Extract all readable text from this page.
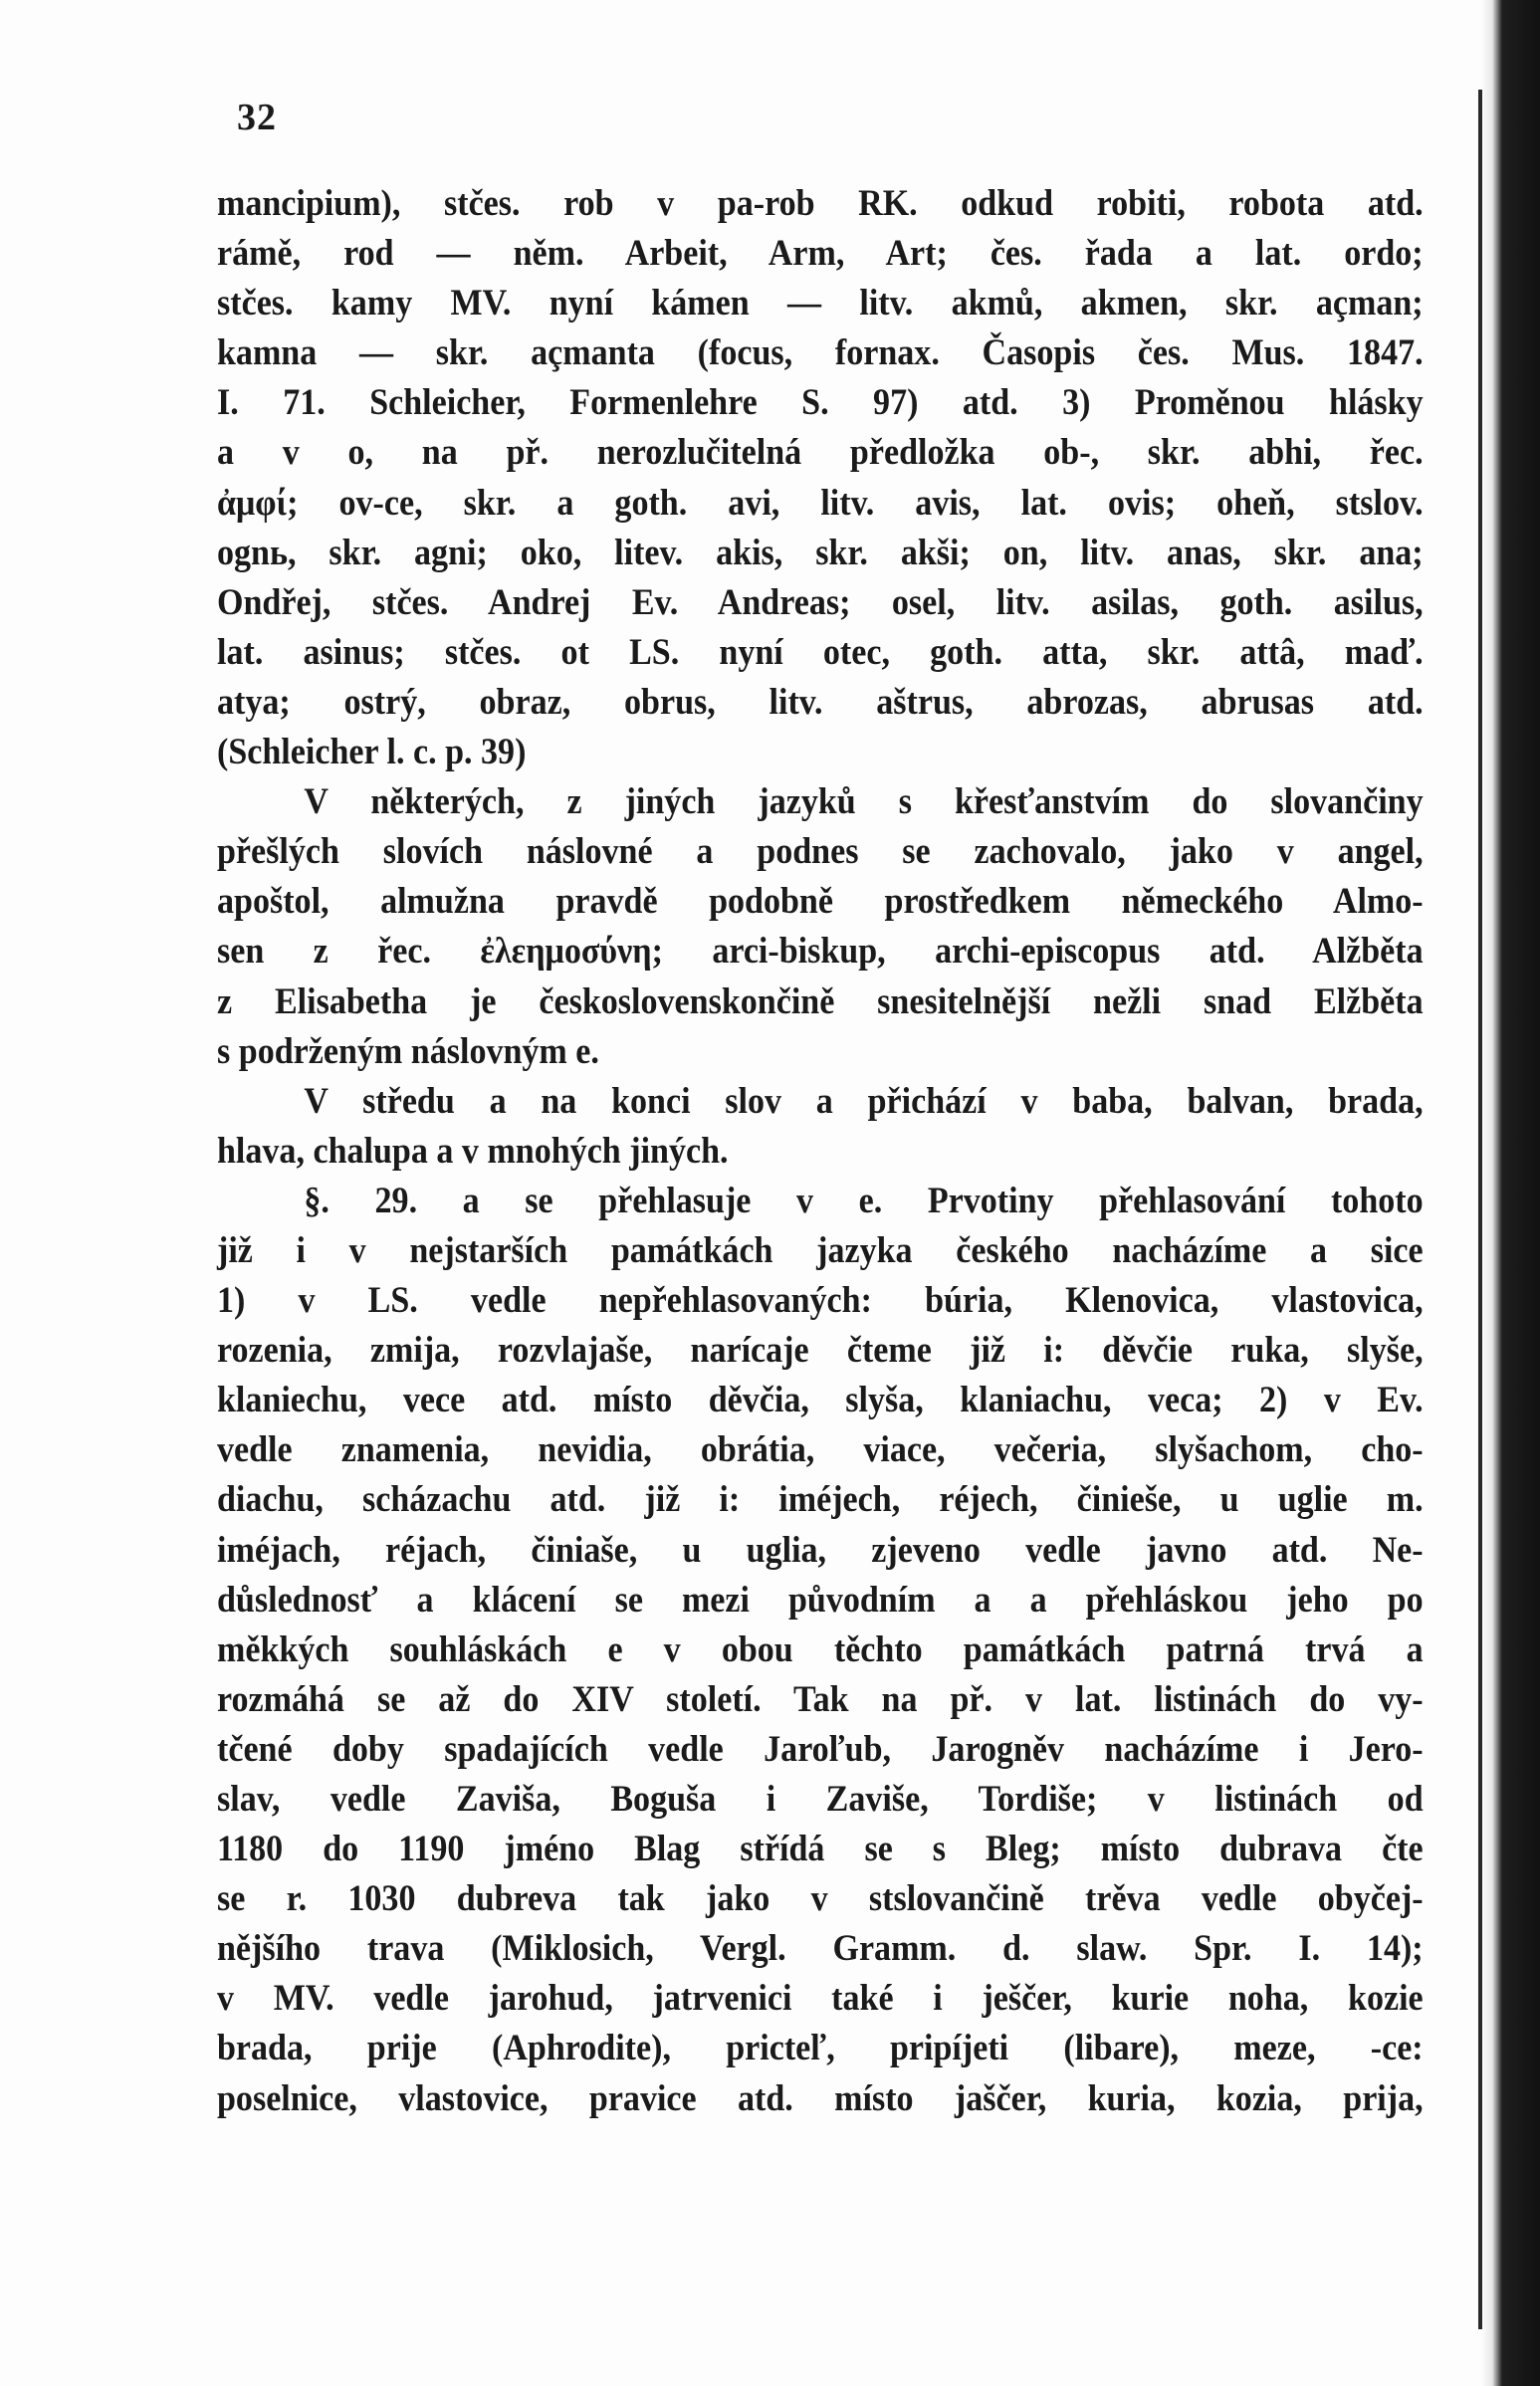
32
mancipium), stčes. rob v pa-rob RK. odkud robiti, robota atd.
rámě, rod — něm. Arbeit, Arm, Art; čes. řada a lat. ordo;
stčes. kamy MV. nyní kámen — litv. akmů, akmen, skr. açman;
kamna — skr. açmanta (focus, fornax. Časopis čes. Mus. 1847.
I. 71. Schleicher, Formenlehre S. 97) atd. 3) Proměnou hlásky
a v o, na př. nerozlučitelná předložka ob-, skr. abhi, řec.
ἀμφί; ov-ce, skr. a goth. avi, litv. avis, lat. ovis; oheň, stslov.
ognь, skr. agni; oko, litev. akis, skr. akši; on, litv. anas, skr. ana;
Ondřej, stčes. Andrej Ev. Andreas; osel, litv. asilas, goth. asilus,
lat. asinus; stčes. ot LS. nyní otec, goth. atta, skr. attâ, maď.
atya; ostrý, obraz, obrus, litv. aštrus, abrozas, abrusas atd.
(Schleicher l. c. p. 39)
V některých, z jiných jazyků s křesťanstvím do slovančiny
přešlých slovích náslovné a podnes se zachovalo, jako v angel,
apoštol, almužna pravdě podobně prostředkem německého Almo-
sen z řec. ἐλεημοσύνη; arci-biskup, archi-episcopus atd. Alžběta
z Elisabetha je československončině snesitelnější nežli snad Elžběta
s podrženým náslovným e.
V středu a na konci slov a přichází v baba, balvan, brada,
hlava, chalupa a v mnohých jiných.
§. 29. a se přehlasuje v e. Prvotiny přehlasování tohoto
již i v nejstarších památkách jazyka českého nacházíme a sice
1) v LS. vedle nepřehlasovaných: búria, Klenovica, vlastovica,
rozenia, zmija, rozvlajaše, narícaje čteme již i: děvčie ruka, slyše,
klaniechu, vece atd. místo děvčia, slyša, klaniachu, veca; 2) v Ev.
vedle znamenia, nevidia, obrátia, viace, večeria, slyšachom, cho-
diachu, scházachu atd. již i: iméjech, réjech, činieše, u uglie m.
iméjach, réjach, činiaše, u uglia, zjeveno vedle javno atd. Ne-
důslednosť a klácení se mezi původním a a přehláskou jeho po
měkkých souhláskách e v obou těchto památkách patrná trvá a
rozmáhá se až do XIV století. Tak na př. v lat. listinách do vy-
tčené doby spadajících vedle Jaroľub, Jarogněv nacházíme i Jero-
slav, vedle Zaviša, Boguša i Zaviše, Tordiše; v listinách od
1180 do 1190 jméno Blag střídá se s Bleg; místo dubrava čte
se r. 1030 dubreva tak jako v stslovančině trěva vedle obyčej-
nějšího trava (Miklosich, Vergl. Gramm. d. slaw. Spr. I. 14);
v MV. vedle jarohud, jatrvenici také i ješčer, kurie noha, kozie
brada, prije (Aphrodite), pricteľ, pripíjeti (libare), meze, -ce:
poselnice, vlastovice, pravice atd. místo jaščer, kuria, kozia, prija,
